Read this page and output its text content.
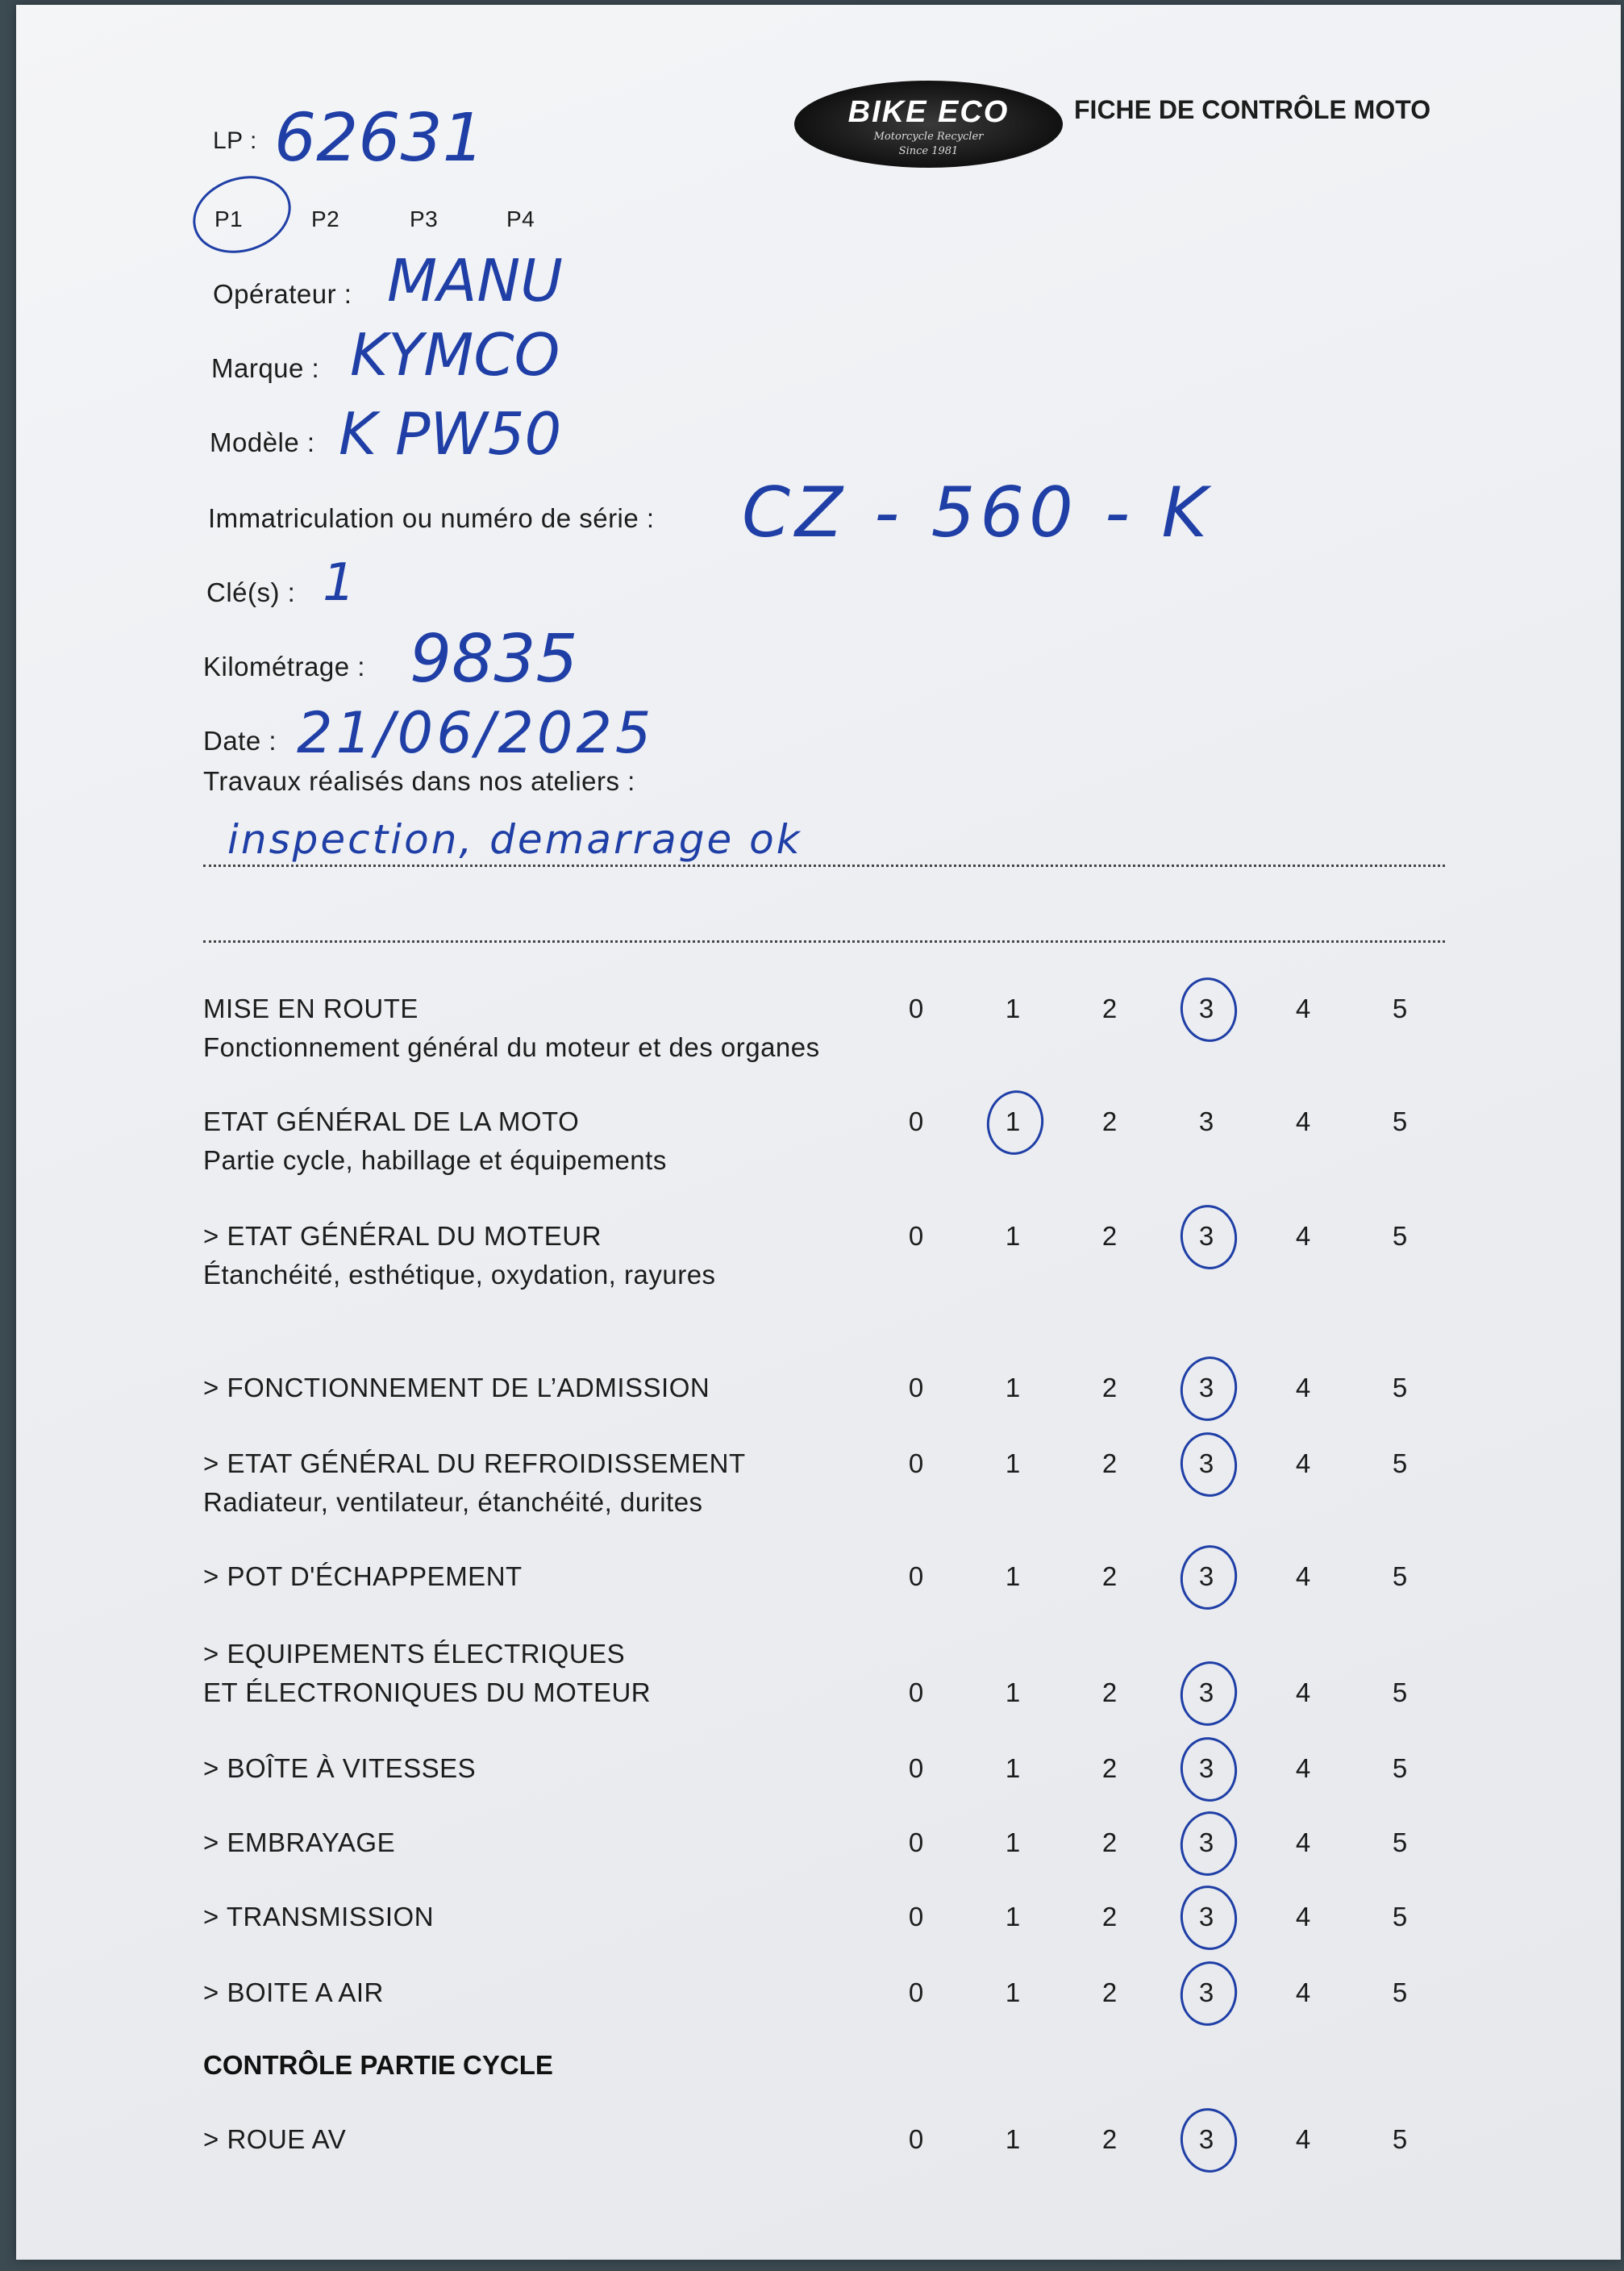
BIKE ECO
Motorcycle Recycler
Since 1981
FICHE DE CONTRÔLE MOTO
LP : 62631
P1	P2	P3	P4
Opérateur : MANU
Marque : KYMCO
Modèle : K PW50
Immatriculation ou numéro de série : CZ - 560 - K
Clé(s) : 1
Kilométrage : 9835
Date : 21/06/2025
Travaux réalisés dans nos ateliers :
inspection, demarrage ok
MISE EN ROUTE
Fonctionnement général du moteur et des organes
0	1	2	3	4	5
ETAT GÉNÉRAL DE LA MOTO
Partie cycle, habillage et équipements
0	1	2	3	4	5
> ETAT GÉNÉRAL DU MOTEUR
Étanchéité, esthétique, oxydation, rayures
0	1	2	3	4	5
> FONCTIONNEMENT DE L’ADMISSION	0	1	2	3	4	5
> ETAT GÉNÉRAL DU REFROIDISSEMENT
Radiateur, ventilateur, étanchéité, durites
0	1	2	3	4	5
> POT D'ÉCHAPPEMENT	0	1	2	3	4	5
> EQUIPEMENTS ÉLECTRIQUES
ET ÉLECTRONIQUES DU MOTEUR	0	1	2	3	4	5
> BOÎTE À VITESSES	0	1	2	3	4	5
> EMBRAYAGE	0	1	2	3	4	5
> TRANSMISSION	0	1	2	3	4	5
> BOITE A AIR	0	1	2	3	4	5
CONTRÔLE PARTIE CYCLE
> ROUE AV	0	1	2	3	4	5
